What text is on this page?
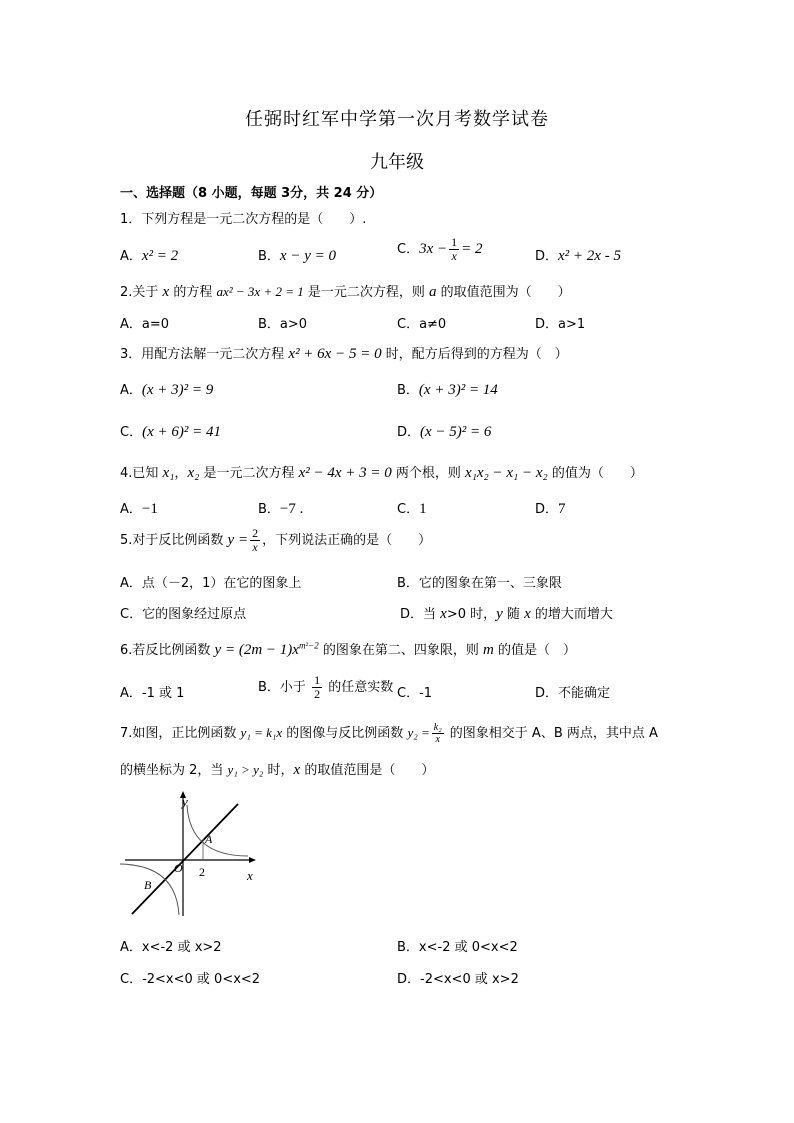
任弼时红军中学第一次月考数学试卷
九年级
一、选择题（8 小题，每题 3分，共 24 分）
1．下列方程是一元二次方程的是（　　）.
A．x² = 2	B．x − y = 0	C．$3x - \frac{1}{x} = 2$	D．x² + 2x - 5
2.关于 x 的方程 ax² − 3x + 2 = 1 是一元二次方程，则 a 的取值范围为（　　）
A．a=0	B．a>0	C．a≠0	D．a>1
3．用配方法解一元二次方程 x² + 6x − 5 = 0 时，配方后得到的方程为（　）
A．(x + 3)² = 9	B．(x + 3)² = 14
C．(x + 6)² = 41	D．(x − 5)² = 6
4.已知 x₁，x₂ 是一元二次方程 x² − 4x + 3 = 0 两个根，则 x₁x₂ − x₁ − x₂ 的值为（　　）
A．−1	B．−7 .	C．1	D．7
5.对于反比例函数 $y = \frac{2}{x}$ ，下列说法正确的是（　　）
A．点（－2，1）在它的图象上	B．它的图象在第一、三象限
C．它的图象经过原点	D．当 x>0 时，y 随 x 的增大而增大
6.若反比例函数 $y = (2m - 1)x^{m^2-2}$ 的图象在第二、四象限，则 m 的值是（　）
A．-1 或 1	B．小于 $\frac{1}{2}$ 的任意实数 C．-1	D．不能确定
7.如图，正比例函数 y₁ = k₁x 的图像与反比例函数 $y_2 = \frac{\text{k₂}}{x}$ 的图象相交于 A、B 两点，其中点 A
的横坐标为 2，当 y₁ > y₂ 时，x 的取值范围是（　　）
y
x
O 2
A
B
A．x<-2 或 x>2	B．x<-2 或 0<x<2
C．-2<x<0 或 0<x<2	D．-2<x<0 或 x>2
